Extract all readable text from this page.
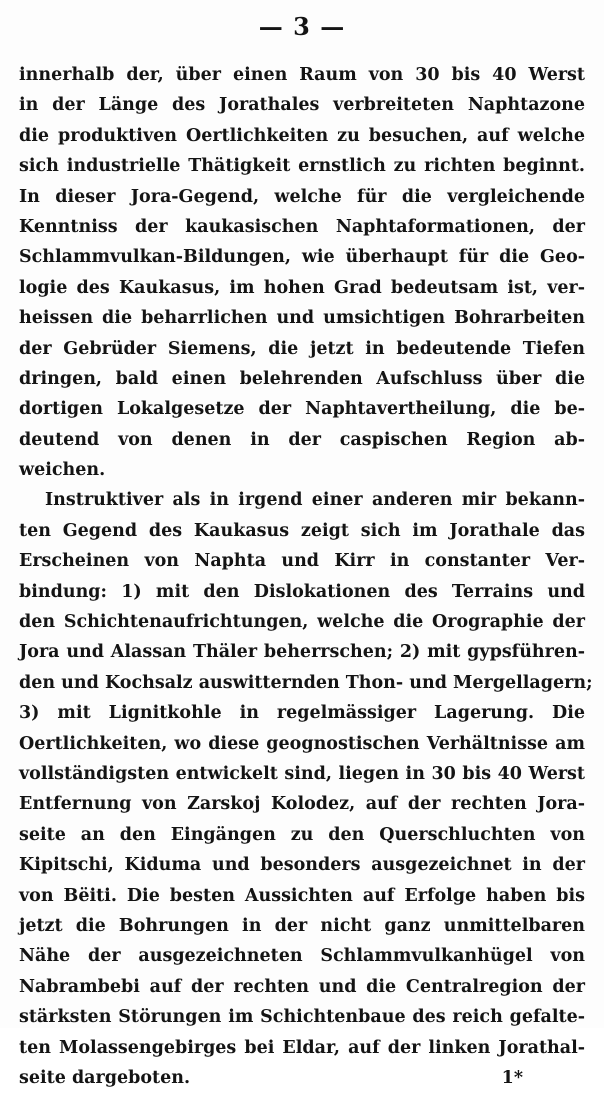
— 3 —
innerhalb der, über einen Raum von 30 bis 40 Werst
in der Länge des Jorathales verbreiteten Naphtazone
die produktiven Oertlichkeiten zu besuchen, auf welche
sich industrielle Thätigkeit ernstlich zu richten beginnt.
In dieser Jora-Gegend, welche für die vergleichende
Kenntniss der kaukasischen Naphtaformationen, der
Schlammvulkan-Bildungen, wie überhaupt für die Geo-
logie des Kaukasus, im hohen Grad bedeutsam ist, ver-
heissen die beharrlichen und umsichtigen Bohrarbeiten
der Gebrüder Siemens, die jetzt in bedeutende Tiefen
dringen, bald einen belehrenden Aufschluss über die
dortigen Lokalgesetze der Naphtavertheilung, die be-
deutend von denen in der caspischen Region ab-
weichen.
Instruktiver als in irgend einer anderen mir bekann-
ten Gegend des Kaukasus zeigt sich im Jorathale das
Erscheinen von Naphta und Kirr in constanter Ver-
bindung: 1) mit den Dislokationen des Terrains und
den Schichtenaufrichtungen, welche die Orographie der
Jora und Alassan Thäler beherrschen; 2) mit gypsführen-
den und Kochsalz auswitternden Thon- und Mergellagern;
3) mit Lignitkohle in regelmässiger Lagerung. Die
Oertlichkeiten, wo diese geognostischen Verhältnisse am
vollständigsten entwickelt sind, liegen in 30 bis 40 Werst
Entfernung von Zarskoj Kolodez, auf der rechten Jora-
seite an den Eingängen zu den Querschluchten von
Kipitschi, Kiduma und besonders ausgezeichnet in der
von Bëiti. Die besten Aussichten auf Erfolge haben bis
jetzt die Bohrungen in der nicht ganz unmittelbaren
Nähe der ausgezeichneten Schlammvulkanhügel von
Nabrambebi auf der rechten und die Centralregion der
stärksten Störungen im Schichtenbaue des reich gefalte-
ten Molassengebirges bei Eldar, auf der linken Jorathal-
seite dargeboten.	1*
